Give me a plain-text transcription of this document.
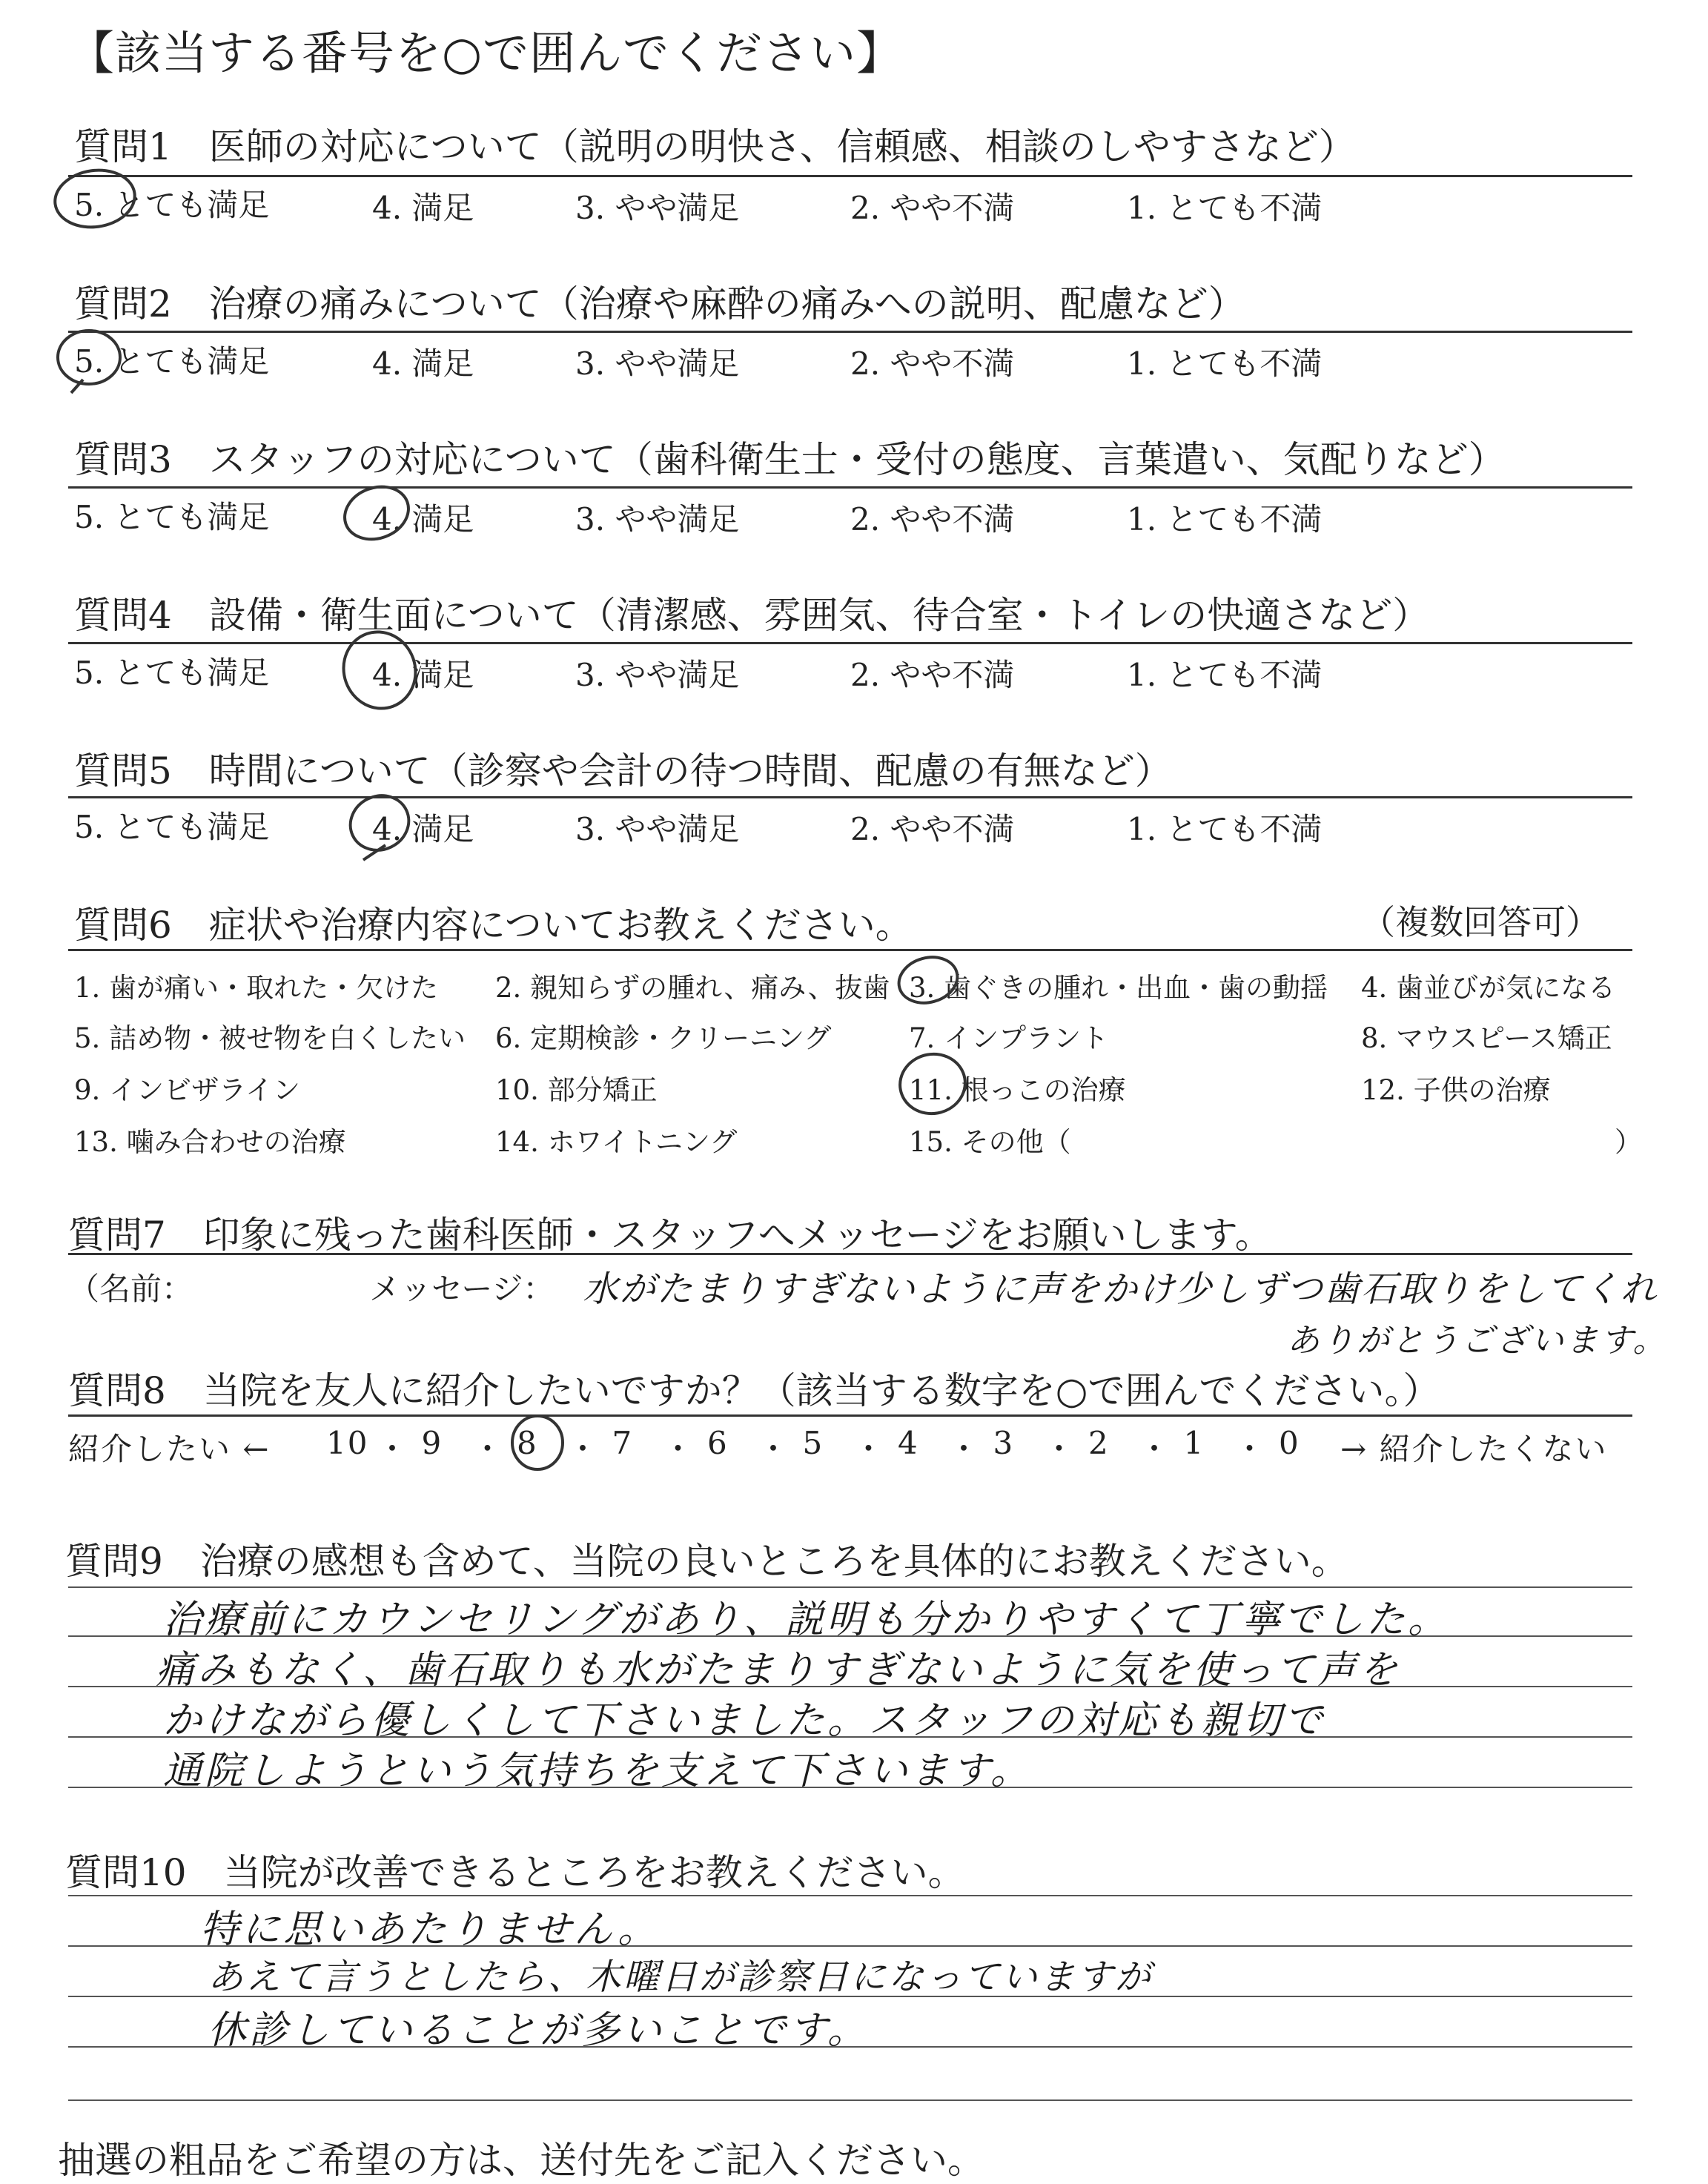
【該当する番号を○で囲んでください】
質問1　医師の対応について（説明の明快さ、信頼感、相談のしやすさなど）
5. とても満足	4. 満足	3. やや満足	2. やや不満	1. とても不満
質問2　治療の痛みについて（治療や麻酔の痛みへの説明、配慮など）
5. とても満足	4. 満足	3. やや満足	2. やや不満	1. とても不満
質問3　スタッフの対応について（歯科衛生士・受付の態度、言葉遣い、気配りなど）
5. とても満足	4. 満足	3. やや満足	2. やや不満	1. とても不満
質問4　設備・衛生面について（清潔感、雰囲気、待合室・トイレの快適さなど）
5. とても満足	4. 満足	3. やや満足	2. やや不満	1. とても不満
質問5　時間について（診察や会計の待つ時間、配慮の有無など）
5. とても満足	4. 満足	3. やや満足	2. やや不満	1. とても不満
質問6　症状や治療内容についてお教えください。	（複数回答可）
1. 歯が痛い・取れた・欠けた 2. 親知らずの腫れ、痛み、抜歯 3. 歯ぐきの腫れ・出血・歯の動揺 4. 歯並びが気になる
5. 詰め物・被せ物を白くしたい 6. 定期検診・クリーニング	7. インプラント	8. マウスピース矯正
9. インビザライン	10. 部分矯正	11. 根っこの治療	12. 子供の治療
13. 噛み合わせの治療	14. ホワイトニング	15. その他（	）
質問7　印象に残った歯科医師・スタッフへメッセージをお願いします。
（名前：	メッセージ： 水がたまりすぎないように声をかけ少しずつ歯石取りをしてくれ
ありがとうございます。
質問8　当院を友人に紹介したいですか？（該当する数字を○で囲んでください。）
紹介したい ← 10 ・ 9 ・ 8 ・ 7 ・ 6 ・ 5 ・ 4 ・ 3 ・ 2 ・ 1 ・ 0 → 紹介したくない
質問9　治療の感想も含めて、当院の良いところを具体的にお教えください。
治療前にカウンセリングがあり、説明も分かりやすくて丁寧でした。
痛みもなく、歯石取りも水がたまりすぎないように気を使って声を
かけながら優しくして下さいました。スタッフの対応も親切で
通院しようという気持ちを支えて下さいます。
質問10　当院が改善できるところをお教えください。
特に思いあたりません。
あえて言うとしたら、木曜日が診察日になっていますが
休診していることが多いことです。
抽選の粗品をご希望の方は、送付先をご記入ください。
